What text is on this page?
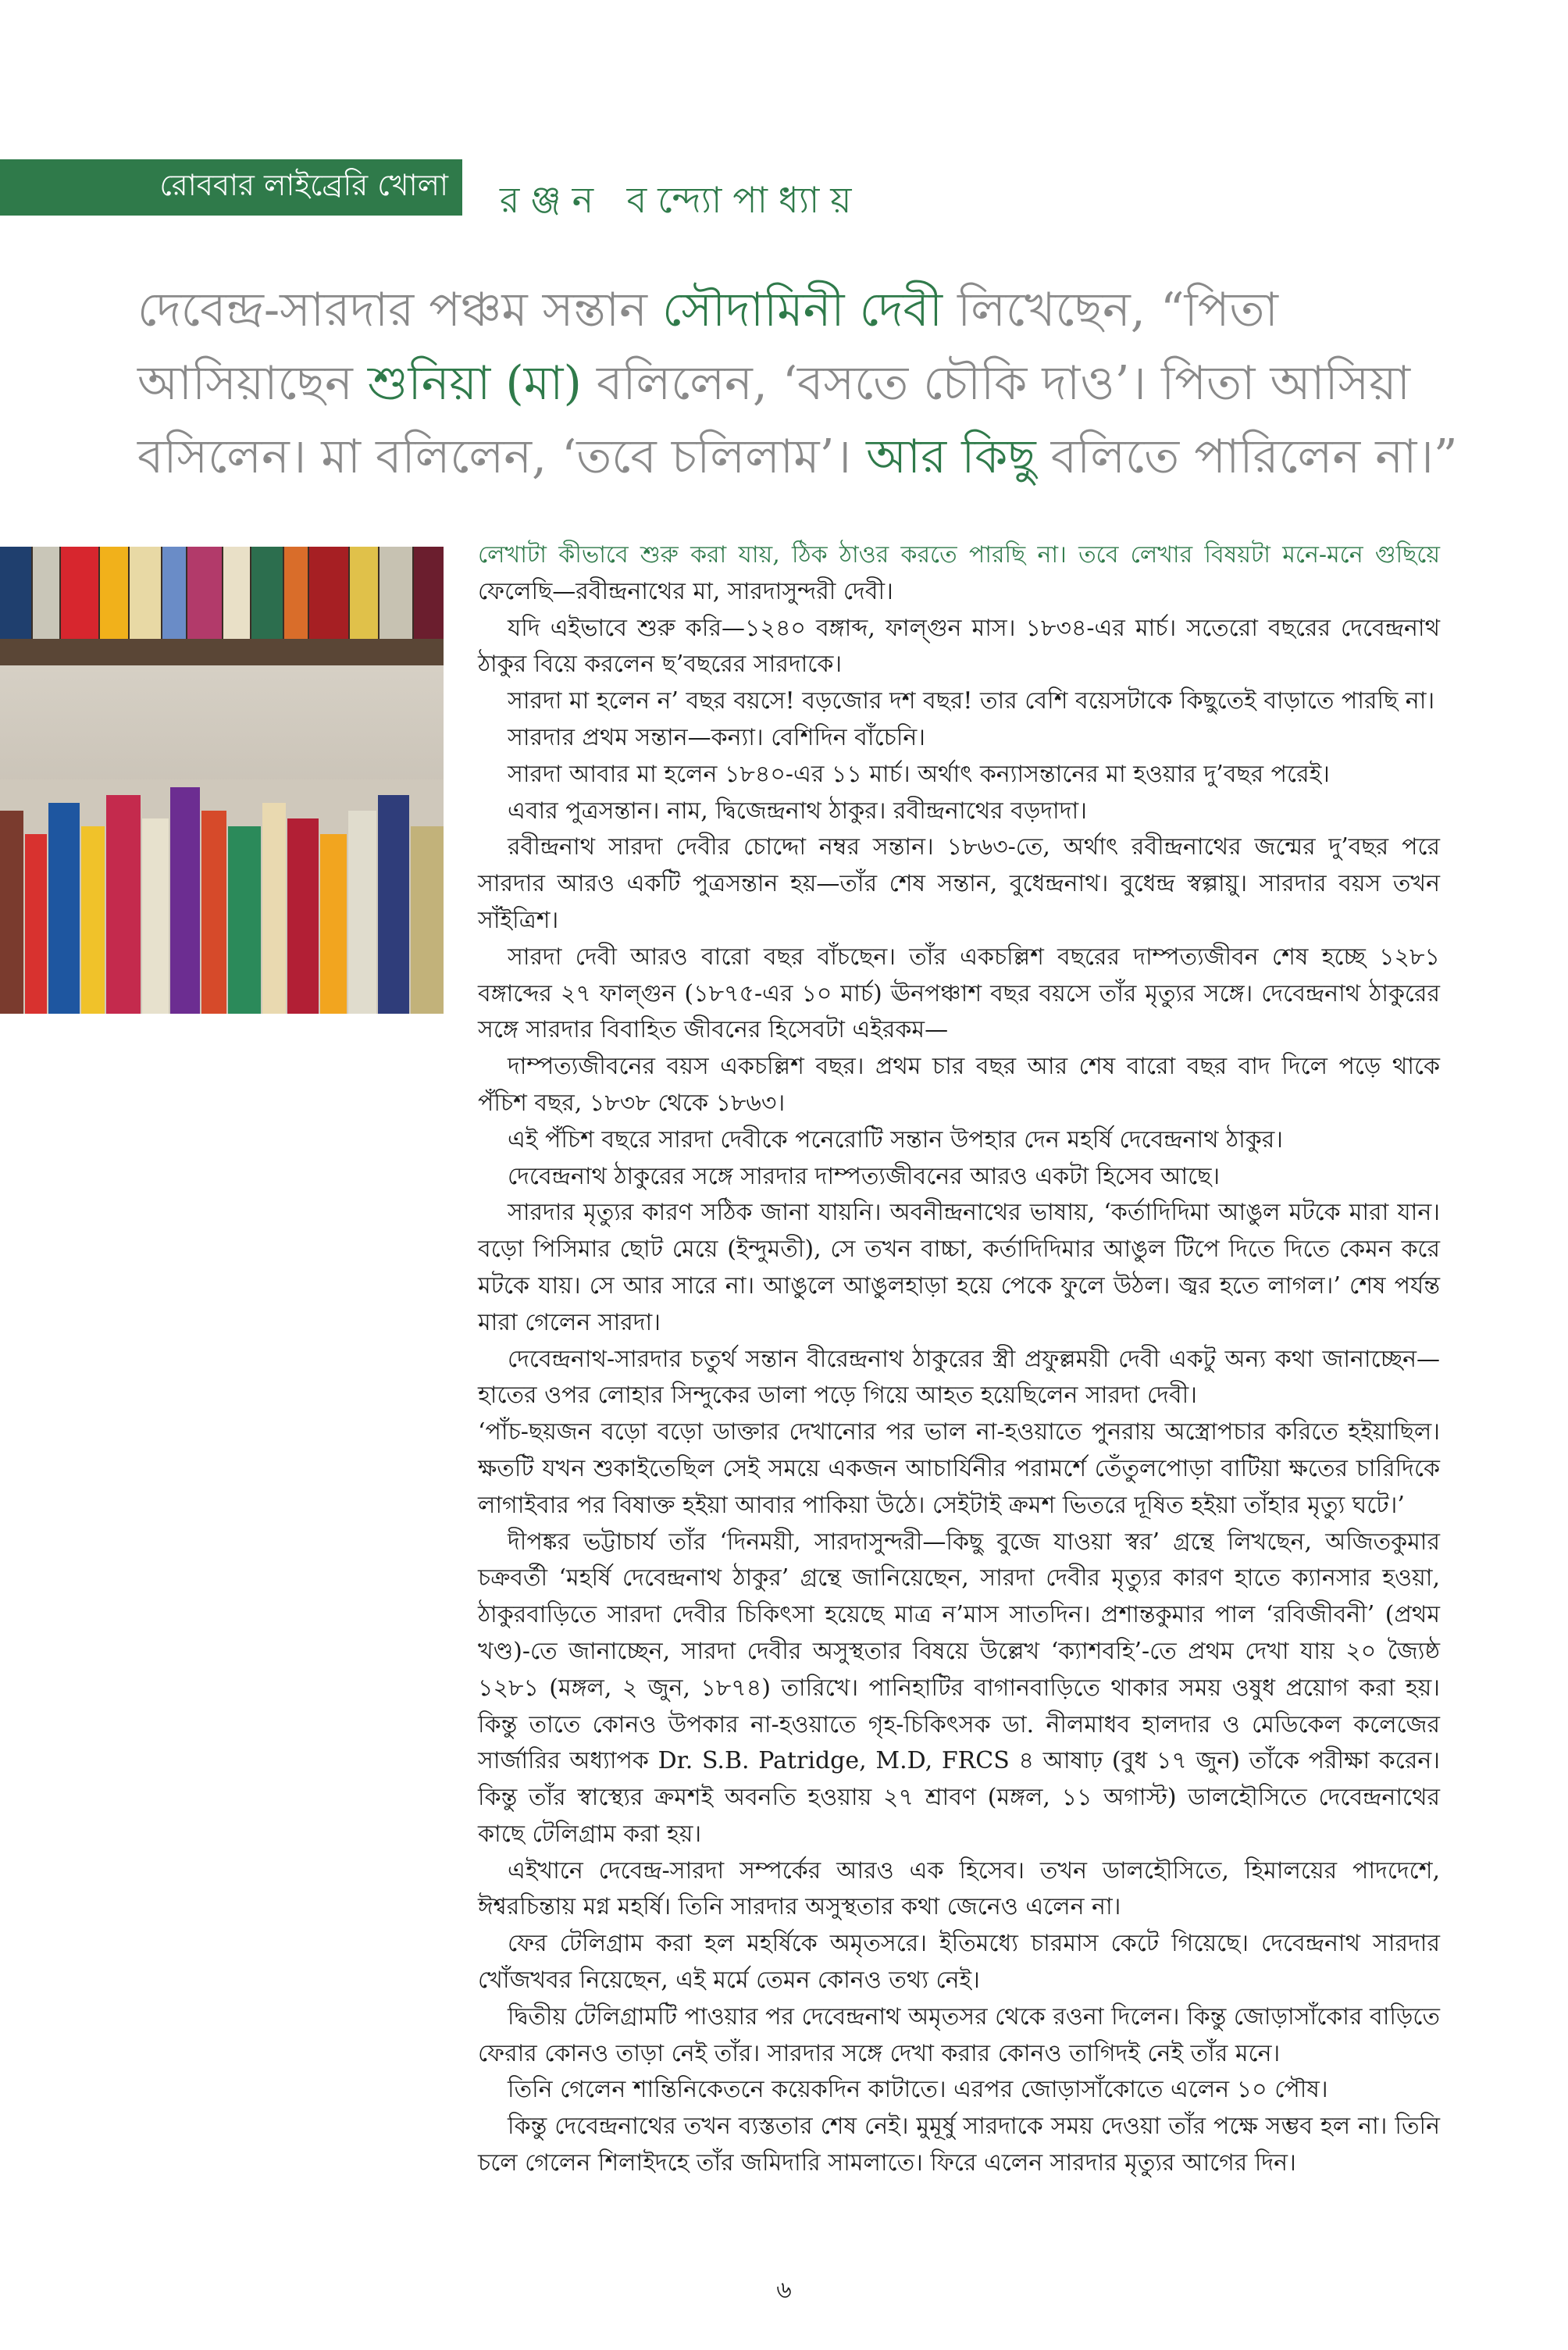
রোববার লাইব্রেরি খোলা রঞ্জন বন্দ্যোপাধ্যায়
দেবেন্দ্র-সারদার পঞ্চম সন্তান সৌদামিনী দেবী লিখেছেন, “পিতা আসিয়াছেন শুনিয়া (মা) বলিলেন, ‘বসতে চৌকি দাও’। পিতা আসিয়া বসিলেন। মা বলিলেন, ‘তবে চলিলাম’। আর কিছু বলিতে পারিলেন না।”

লেখাটা কীভাবে শুরু করা যায়, ঠিক ঠাওর করতে পারছি না। তবে লেখার বিষয়টা মনে-মনে গুছিয়ে ফেলেছি—রবীন্দ্রনাথের মা, সারদাসুন্দরী দেবী।

যদি এইভাবে শুরু করি—১২৪০ বঙ্গাব্দ, ফাল্গুন মাস। ১৮৩৪-এর মার্চ। সতেরো বছরের দেবেন্দ্রনাথ ঠাকুর বিয়ে করলেন ছ’বছরের সারদাকে।

সারদা মা হলেন ন’ বছর বয়সে! বড়জোর দশ বছর! তার বেশি বয়েসটাকে কিছুতেই বাড়াতে পারছি না।

সারদার প্রথম সন্তান—কন্যা। বেশিদিন বাঁচেনি।

সারদা আবার মা হলেন ১৮৪০-এর ১১ মার্চ। অর্থাৎ কন্যাসন্তানের মা হওয়ার দু’বছর পরেই।

এবার পুত্রসন্তান। নাম, দ্বিজেন্দ্রনাথ ঠাকুর। রবীন্দ্রনাথের বড়দাদা।

রবীন্দ্রনাথ সারদা দেবীর চোদ্দো নম্বর সন্তান। ১৮৬৩-তে, অর্থাৎ রবীন্দ্রনাথের জন্মের দু’বছর পরে সারদার আরও একটি পুত্রসন্তান হয়—তাঁর শেষ সন্তান, বুধেন্দ্রনাথ। বুধেন্দ্র স্বল্পায়ু। সারদার বয়স তখন সাঁইত্রিশ।

সারদা দেবী আরও বারো বছর বাঁচছেন। তাঁর একচল্লিশ বছরের দাম্পত্যজীবন শেষ হচ্ছে ১২৮১ বঙ্গাব্দের ২৭ ফাল্গুন (১৮৭৫-এর ১০ মার্চ) ঊনপঞ্চাশ বছর বয়সে তাঁর মৃত্যুর সঙ্গে। দেবেন্দ্রনাথ ঠাকুরের সঙ্গে সারদার বিবাহিত জীবনের হিসেবটা এইরকম—

দাম্পত্যজীবনের বয়স একচল্লিশ বছর। প্রথম চার বছর আর শেষ বারো বছর বাদ দিলে পড়ে থাকে পঁচিশ বছর, ১৮৩৮ থেকে ১৮৬৩।

এই পঁচিশ বছরে সারদা দেবীকে পনেরোটি সন্তান উপহার দেন মহর্ষি দেবেন্দ্রনাথ ঠাকুর।

দেবেন্দ্রনাথ ঠাকুরের সঙ্গে সারদার দাম্পত্যজীবনের আরও একটা হিসেব আছে।

সারদার মৃত্যুর কারণ সঠিক জানা যায়নি। অবনীন্দ্রনাথের ভাষায়, ‘কর্তাদিদিমা আঙুল মটকে মারা যান। বড়ো পিসিমার ছোট মেয়ে (ইন্দুমতী), সে তখন বাচ্চা, কর্তাদিদিমার আঙুল টিপে দিতে দিতে কেমন করে মটকে যায়। সে আর সারে না। আঙুলে আঙুলহাড়া হয়ে পেকে ফুলে উঠল। জ্বর হতে লাগল।’ শেষ পর্যন্ত মারা গেলেন সারদা।

দেবেন্দ্রনাথ-সারদার চতুর্থ সন্তান বীরেন্দ্রনাথ ঠাকুরের স্ত্রী প্রফুল্লময়ী দেবী একটু অন্য কথা জানাচ্ছেন—হাতের ওপর লোহার সিন্দুকের ডালা পড়ে গিয়ে আহত হয়েছিলেন সারদা দেবী।

‘পাঁচ-ছয়জন বড়ো বড়ো ডাক্তার দেখানোর পর ভাল না-হওয়াতে পুনরায় অস্ত্রোপচার করিতে হইয়াছিল। ক্ষতটি যখন শুকাইতেছিল সেই সময়ে একজন আচার্যিনীর পরামর্শে তেঁতুলপোড়া বাটিয়া ক্ষতের চারিদিকে লাগাইবার পর বিষাক্ত হইয়া আবার পাকিয়া উঠে। সেইটাই ক্রমশ ভিতরে দূষিত হইয়া তাঁহার মৃত্যু ঘটে।’

দীপঙ্কর ভট্টাচার্য তাঁর ‘দিনময়ী, সারদাসুন্দরী—কিছু বুজে যাওয়া স্বর’ গ্রন্থে লিখছেন, অজিতকুমার চক্রবর্তী ‘মহর্ষি দেবেন্দ্রনাথ ঠাকুর’ গ্রন্থে জানিয়েছেন, সারদা দেবীর মৃত্যুর কারণ হাতে ক্যানসার হওয়া, ঠাকুরবাড়িতে সারদা দেবীর চিকিৎসা হয়েছে মাত্র ন’মাস সাতদিন। প্রশান্তকুমার পাল ‘রবিজীবনী’ (প্রথম খণ্ড)-তে জানাচ্ছেন, সারদা দেবীর অসুস্থতার বিষয়ে উল্লেখ ‘ক্যাশবহি’-তে প্রথম দেখা যায় ২০ জ্যৈষ্ঠ ১২৮১ (মঙ্গল, ২ জুন, ১৮৭৪) তারিখে। পানিহাটির বাগানবাড়িতে থাকার সময় ওষুধ প্রয়োগ করা হয়। কিন্তু তাতে কোনও উপকার না-হওয়াতে গৃহ-চিকিৎসক ডা. নীলমাধব হালদার ও মেডিকেল কলেজের সার্জারির অধ্যাপক Dr. S.B. Patridge, M.D, FRCS ৪ আষাঢ় (বুধ ১৭ জুন) তাঁকে পরীক্ষা করেন। কিন্তু তাঁর স্বাস্থ্যের ক্রমশই অবনতি হওয়ায় ২৭ শ্রাবণ (মঙ্গল, ১১ অগাস্ট) ডালহৌসিতে দেবেন্দ্রনাথের কাছে টেলিগ্রাম করা হয়।

এইখানে দেবেন্দ্র-সারদা সম্পর্কের আরও এক হিসেব। তখন ডালহৌসিতে, হিমালয়ের পাদদেশে, ঈশ্বরচিন্তায় মগ্ন মহর্ষি। তিনি সারদার অসুস্থতার কথা জেনেও এলেন না।

ফের টেলিগ্রাম করা হল মহর্ষিকে অমৃতসরে। ইতিমধ্যে চারমাস কেটে গিয়েছে। দেবেন্দ্রনাথ সারদার খোঁজখবর নিয়েছেন, এই মর্মে তেমন কোনও তথ্য নেই।

দ্বিতীয় টেলিগ্রামটি পাওয়ার পর দেবেন্দ্রনাথ অমৃতসর থেকে রওনা দিলেন। কিন্তু জোড়াসাঁকোর বাড়িতে ফেরার কোনও তাড়া নেই তাঁর। সারদার সঙ্গে দেখা করার কোনও তাগিদই নেই তাঁর মনে।

তিনি গেলেন শান্তিনিকেতনে কয়েকদিন কাটাতে। এরপর জোড়াসাঁকোতে এলেন ১০ পৌষ।

কিন্তু দেবেন্দ্রনাথের তখন ব্যস্ততার শেষ নেই। মুমূর্ষু সারদাকে সময় দেওয়া তাঁর পক্ষে সম্ভব হল না। তিনি চলে গেলেন শিলাইদহে তাঁর জমিদারি সামলাতে। ফিরে এলেন সারদার মৃত্যুর আগের দিন।

৬
